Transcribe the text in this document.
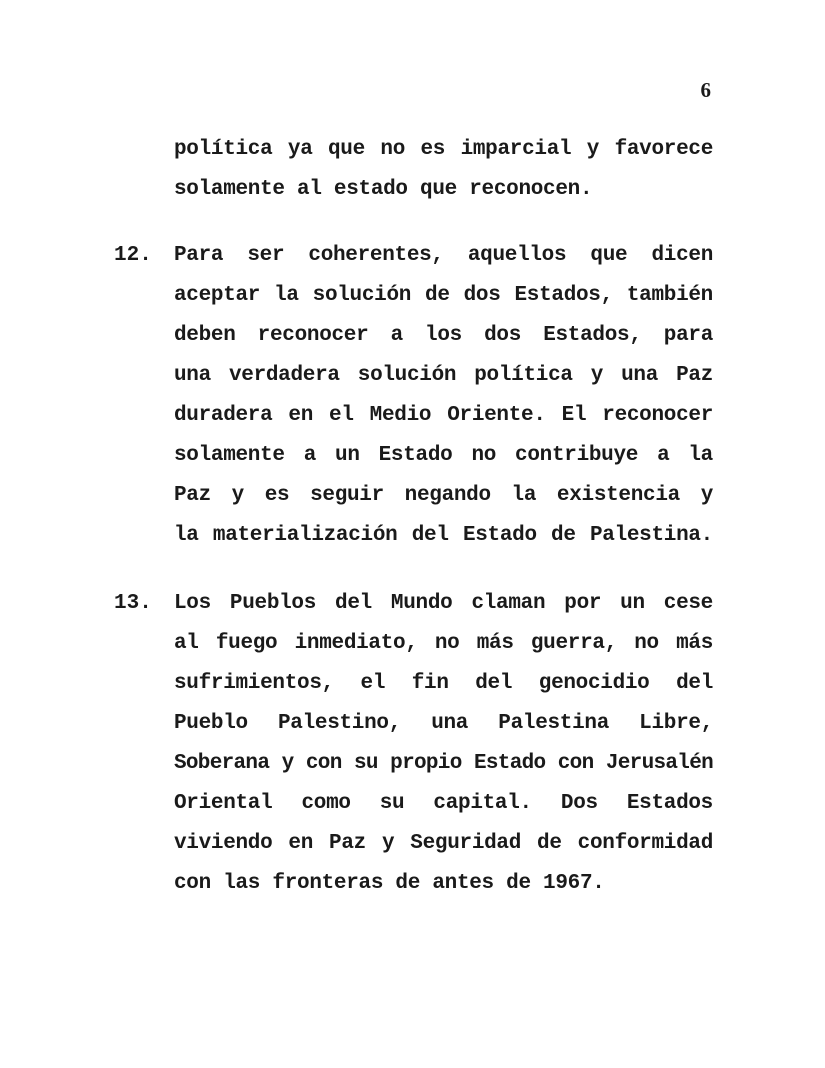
6
política ya que no es imparcial y favorece
solamente al estado que reconocen.
12. Para ser coherentes, aquellos que dicen
aceptar la solución de dos Estados, también
deben reconocer a los dos Estados, para
una verdadera solución política y una Paz
duradera en el Medio Oriente. El reconocer
solamente a un Estado no contribuye a la
Paz y es seguir negando la existencia y
la materialización del Estado de Palestina.
13. Los Pueblos del Mundo claman por un cese
al fuego inmediato, no más guerra, no más
sufrimientos, el fin del genocidio del
Pueblo Palestino, una Palestina Libre,
Soberana y con su propio Estado con Jerusalén
Oriental como su capital. Dos Estados
viviendo en Paz y Seguridad de conformidad
con las fronteras de antes de 1967.
